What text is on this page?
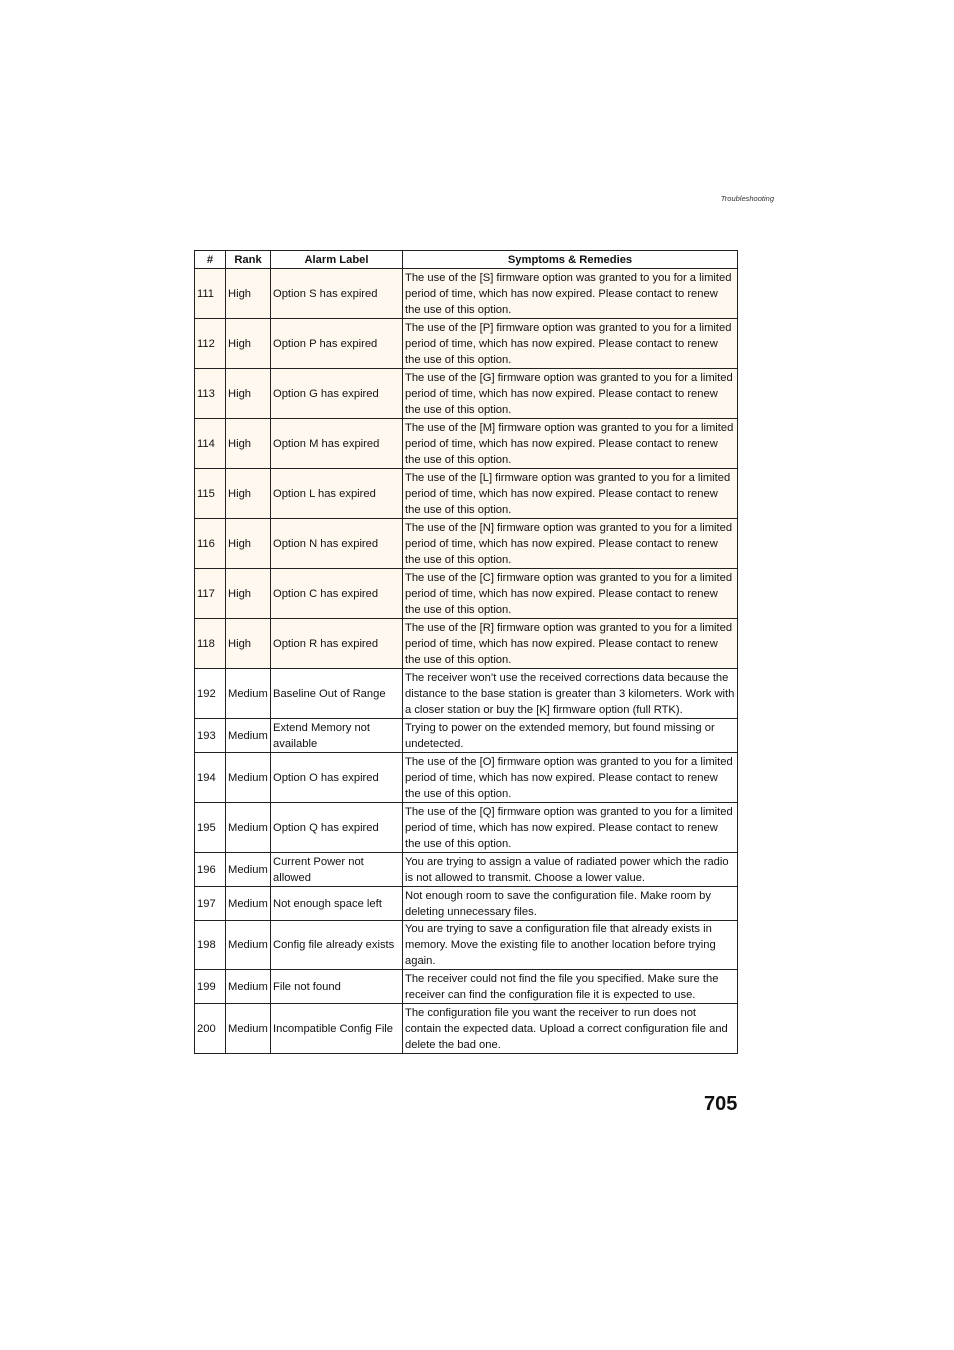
Troubleshooting
#	Rank	Alarm Label	Symptoms & Remedies
111	High	Option S has expired	The use of the [S] firmware option was granted to you for a limited period of time, which has now expired. Please contact to renew the use of this option.
112	High	Option P has expired	The use of the [P] firmware option was granted to you for a limited period of time, which has now expired. Please contact to renew the use of this option.
113	High	Option G has expired	The use of the [G] firmware option was granted to you for a limited period of time, which has now expired. Please contact to renew the use of this option.
114	High	Option M has expired	The use of the [M] firmware option was granted to you for a limited period of time, which has now expired. Please contact to renew the use of this option.
115	High	Option L has expired	The use of the [L] firmware option was granted to you for a limited period of time, which has now expired. Please contact to renew the use of this option.
116	High	Option N has expired	The use of the [N] firmware option was granted to you for a limited period of time, which has now expired. Please contact to renew the use of this option.
117	High	Option C has expired	The use of the [C] firmware option was granted to you for a limited period of time, which has now expired. Please contact to renew the use of this option.
118	High	Option R has expired	The use of the [R] firmware option was granted to you for a limited period of time, which has now expired. Please contact to renew the use of this option.
192	Medium	Baseline Out of Range	The receiver won’t use the received corrections data because the distance to the base station is greater than 3 kilometers. Work with a closer station or buy the [K] firmware option (full RTK).
193	Medium	Extend Memory not available	Trying to power on the extended memory, but found missing or undetected.
194	Medium	Option O has expired	The use of the [O] firmware option was granted to you for a limited period of time, which has now expired. Please contact to renew the use of this option.
195	Medium	Option Q has expired	The use of the [Q] firmware option was granted to you for a limited period of time, which has now expired. Please contact to renew the use of this option.
196	Medium	Current Power not allowed	You are trying to assign a value of radiated power which the radio is not allowed to transmit. Choose a lower value.
197	Medium	Not enough space left	Not enough room to save the configuration file. Make room by deleting unnecessary files.
198	Medium	Config file already exists	You are trying to save a configuration file that already exists in memory. Move the existing file to another location before trying again.
199	Medium	File not found	The receiver could not find the file you specified. Make sure the receiver can find the configuration file it is expected to use.
200	Medium	Incompatible Config File	The configuration file you want the receiver to run does not contain the expected data. Upload a correct configuration file and delete the bad one.
705
